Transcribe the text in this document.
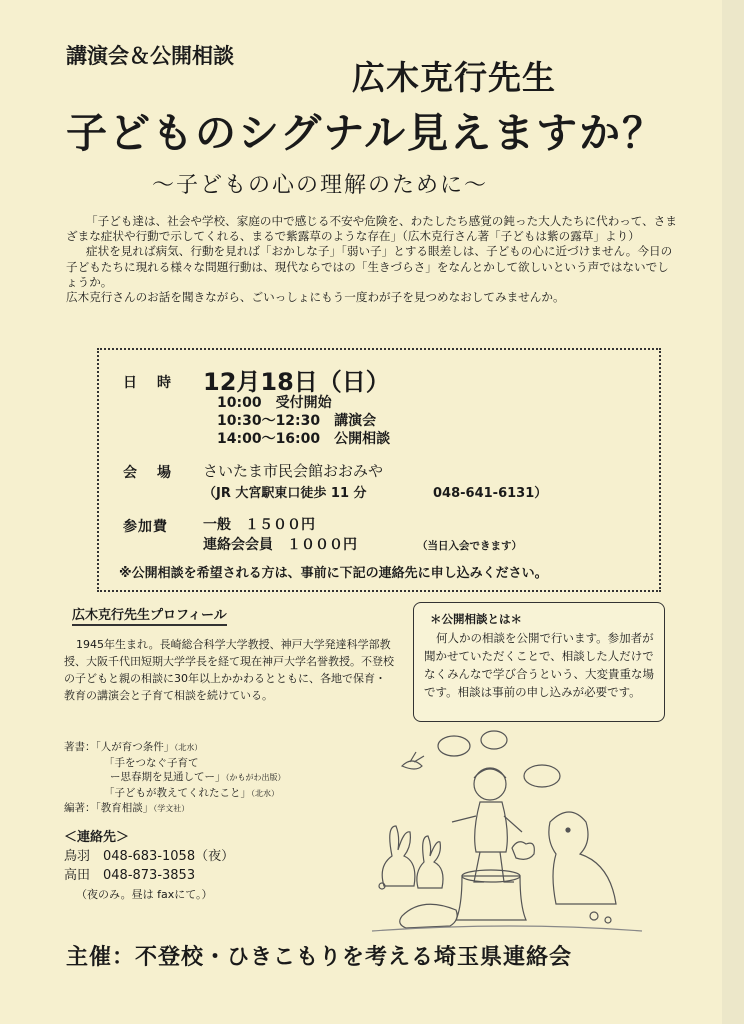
講演会＆公開相談
広木克行先生
子どものシグナル見えますか？
～子どもの心の理解のために～

「子ども達は、社会や学校、家庭の中で感じる不安や危険を、わたしたち感覚の鈍った大人たちに代わって、さまざまな症状や行動で示してくれる、まるで紫露草のような存在」（広木克行さん著「子どもは紫の露草」より）

症状を見れば病気、行動を見れば「おかしな子」「弱い子」とする眼差しは、子どもの心に近づけません。今日の子どもたちに現れる様々な問題行動は、現代ならではの「生きづらさ」をなんとかして欲しいという声ではないでしょうか。

広木克行さんのお話を聞きながら、ごいっしょにもう一度わが子を見つめなおしてみませんか。

日　時 12月18日（日）
10:00　受付開始
10:30～12:30　講演会
14:00～16:00　公開相談
会　場 さいたま市民会館おおみや
（JR 大宮駅東口徒歩 11 分	048-641-6131）
参加費	一般　１５００円
連絡会会員　１０００円	（当日入会できます）
※公開相談を希望される方は、事前に下記の連絡先に申し込みください。
広木克行先生プロフィール

1945年生まれ。長崎総合科学大学教授、神戸大学発達科学部教授、大阪千代田短期大学学長を経て現在神戸大学名誉教授。不登校の子どもと親の相談に30年以上かかわるとともに、各地で保育・教育の講演会と子育て相談を続けている。

著書：「人が育つ条件」（北水）
「手をつなぐ子育て
ー思春期を見通してー」（かもがわ出版）
「子どもが教えてくれたこと」（北水）
編著：「教育相談」（学文社）
＊公開相談とは＊

何人かの相談を公開で行います。参加者が聞かせていただくことで、相談した人だけでなくみんなで学び合うという、大変貴重な場です。相談は事前の申し込みが必要です。

＜連絡先＞
鳥羽　048-683-1058（夜）
高田　048-873-3853
（夜のみ。昼は faxにて。）
主催：不登校・ひきこもりを考える埼玉県連絡会
